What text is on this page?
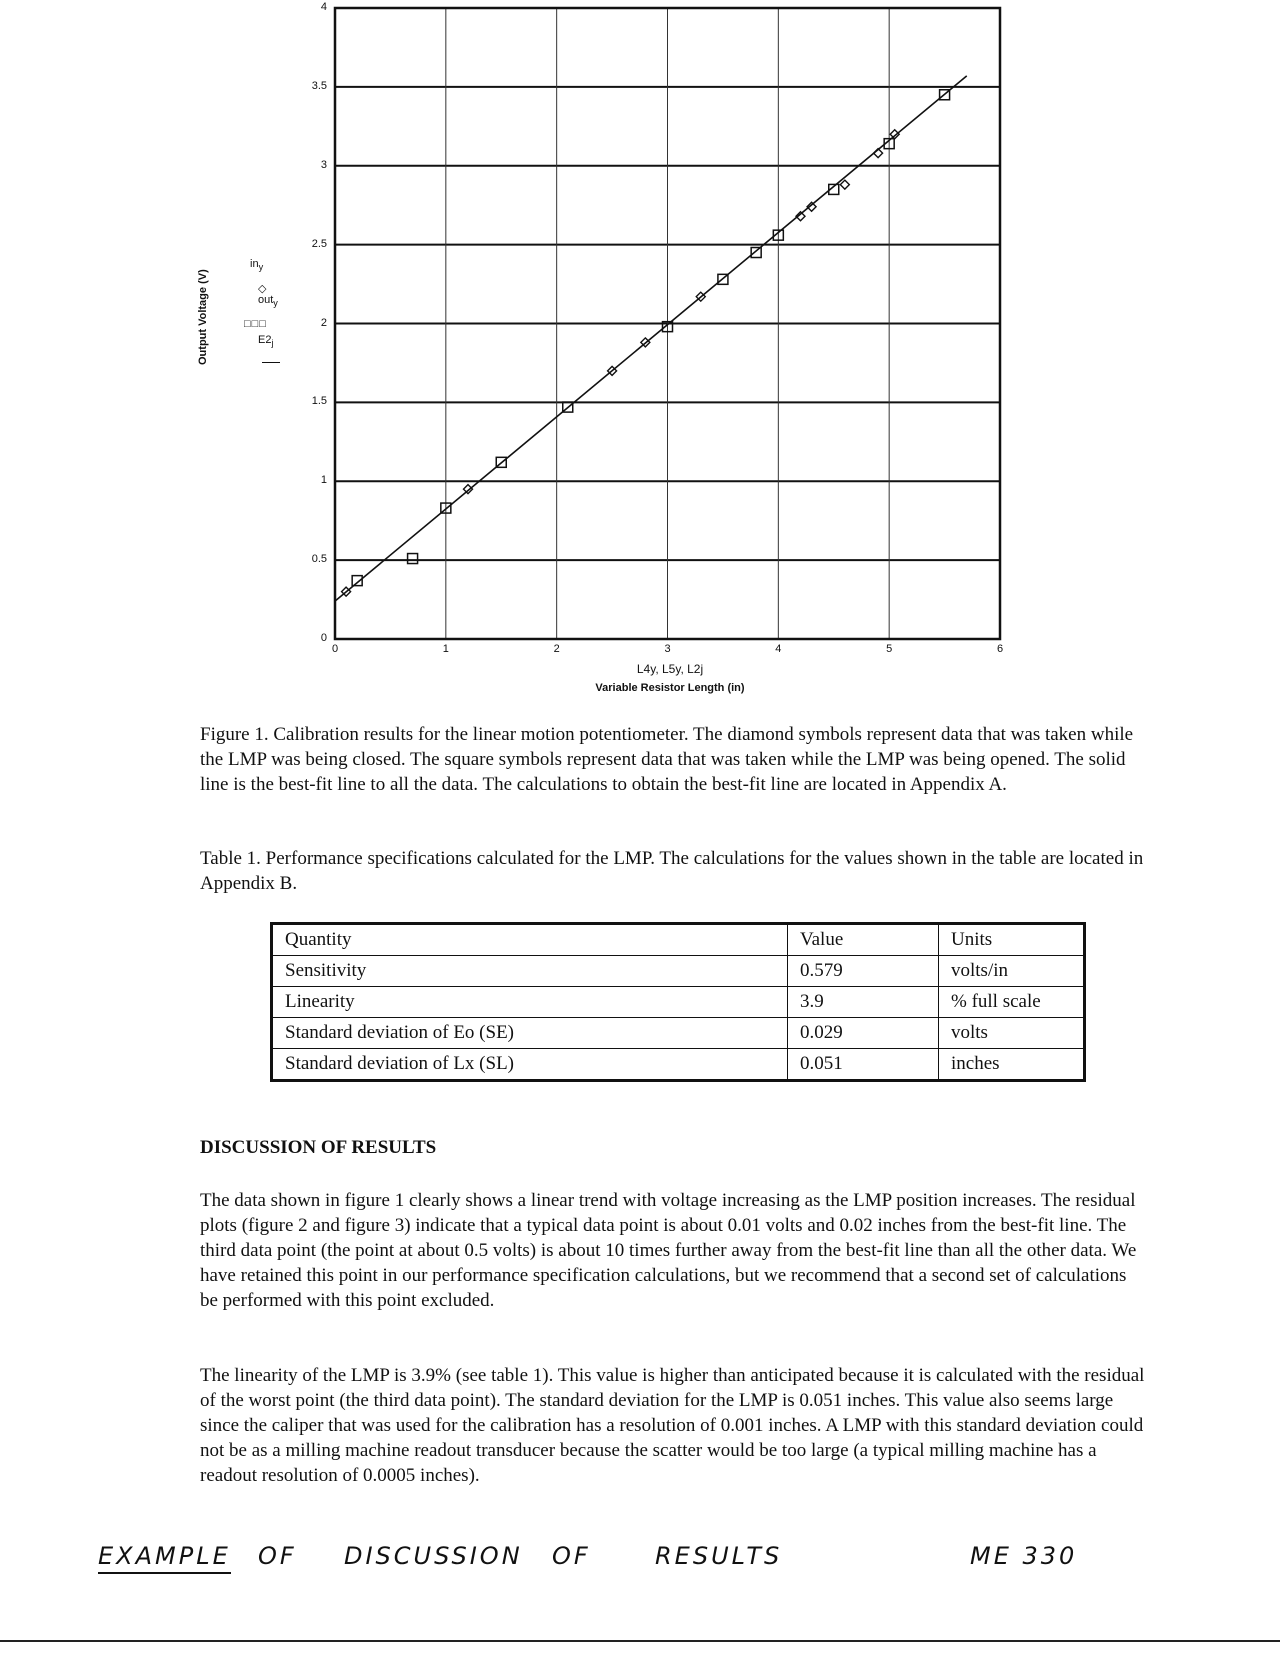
0
0.5
1
1.5
2
2.5
3
3.5
4
0	1	2	3	4	5	6
Output Voltage (V)
$in_y$
◇
out$_y$
□□□
$E2_j$
L4y, L5y, L2j
Variable Resistor Length (in)

Figure 1. Calibration results for the linear motion potentiometer. The diamond symbols represent data that was taken while the LMP was being closed. The square symbols represent data that was taken while the LMP was being opened. The solid line is the best-fit line to all the data. The calculations to obtain the best-fit line are located in Appendix A.

Table 1. Performance specifications calculated for the LMP. The calculations for the values shown in the table are located in Appendix B.

Quantity	Value	Units
Sensitivity	0.579	volts/in
Linearity	3.9	% full scale
Standard deviation of Eo (SE)	0.029	volts
Standard deviation of Lx (SL)	0.051	inches
DISCUSSION OF RESULTS

The data shown in figure 1 clearly shows a linear trend with voltage increasing as the LMP position increases. The residual plots (figure 2 and figure 3) indicate that a typical data point is about 0.01 volts and 0.02 inches from the best-fit line. The third data point (the point at about 0.5 volts) is about 10 times further away from the best-fit line than all the other data. We have retained this point in our performance specification calculations, but we recommend that a second set of calculations be performed with this point excluded.

The linearity of the LMP is 3.9% (see table 1). This value is higher than anticipated because it is calculated with the residual of the worst point (the third data point). The standard deviation for the LMP is 0.051 inches. This value also seems large since the caliper that was used for the calibration has a resolution of 0.001 inches. A LMP with this standard deviation could not be as a milling machine readout transducer because the scatter would be too large (a typical milling machine has a readout resolution of 0.0005 inches).

EXAMPLE OF DISCUSSION OF	RESULTS	ME 330
